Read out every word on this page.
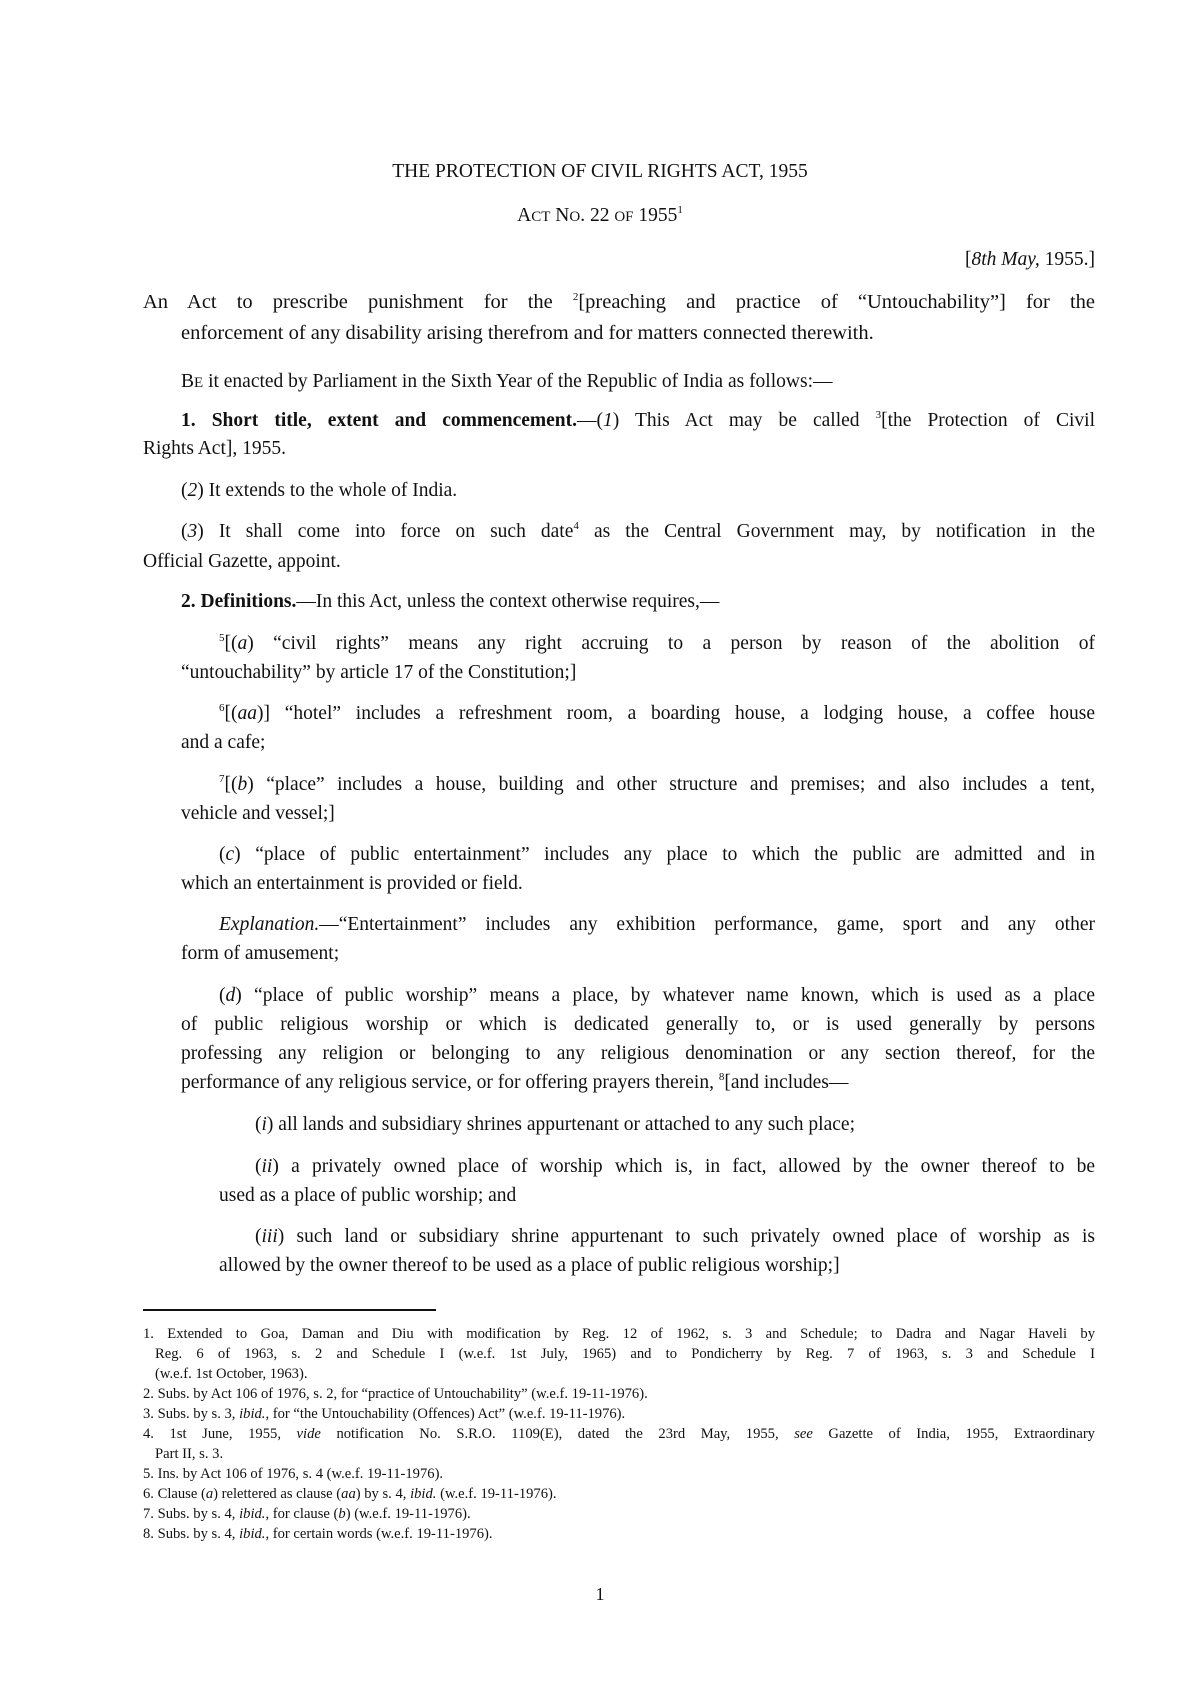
THE PROTECTION OF CIVIL RIGHTS ACT, 1955
ACT NO. 22 OF 1955$^1$
[8th May, 1955.]
An Act to prescribe punishment for the $^2$[preaching and practice of “Untouchability”] for the
enforcement of any disability arising therefrom and for matters connected therewith.
BE it enacted by Parliament in the Sixth Year of the Republic of India as follows:—
1. Short title, extent and commencement.—(1) This Act may be called $^3$[the Protection of Civil
Rights Act], 1955.
(2) It extends to the whole of India.
(3) It shall come into force on such date$^4$ as the Central Government may, by notification in the
Official Gazette, appoint.
2. Definitions.—In this Act, unless the context otherwise requires,—
$^5$[(a) “civil rights” means any right accruing to a person by reason of the abolition of
“untouchability” by article 17 of the Constitution;]
$^6$[(aa)] “hotel” includes a refreshment room, a boarding house, a lodging house, a coffee house
and a cafe;
$^7$[(b) “place” includes a house, building and other structure and premises; and also includes a tent,
vehicle and vessel;]
(c) “place of public entertainment” includes any place to which the public are admitted and in
which an entertainment is provided or field.
Explanation.—“Entertainment” includes any exhibition performance, game, sport and any other
form of amusement;
(d) “place of public worship” means a place, by whatever name known, which is used as a place
of public religious worship or which is dedicated generally to, or is used generally by persons
professing any religion or belonging to any religious denomination or any section thereof, for the
performance of any religious service, or for offering prayers therein, $^8$[and includes—
(i) all lands and subsidiary shrines appurtenant or attached to any such place;
(ii) a privately owned place of worship which is, in fact, allowed by the owner thereof to be
used as a place of public worship; and
(iii) such land or subsidiary shrine appurtenant to such privately owned place of worship as is
allowed by the owner thereof to be used as a place of public religious worship;]
1. Extended to Goa, Daman and Diu with modification by Reg. 12 of 1962, s. 3 and Schedule; to Dadra and Nagar Haveli by
Reg. 6 of 1963, s. 2 and Schedule I (w.e.f. 1st July, 1965) and to Pondicherry by Reg. 7 of 1963, s. 3 and Schedule I
(w.e.f. 1st October, 1963).
2. Subs. by Act 106 of 1976, s. 2, for “practice of Untouchability” (w.e.f. 19-11-1976).
3. Subs. by s. 3, ibid., for “the Untouchability (Offences) Act” (w.e.f. 19-11-1976).
4. 1st June, 1955, vide notification No. S.R.O. 1109(E), dated the 23rd May, 1955, see Gazette of India, 1955, Extraordinary
Part II, s. 3.
5. Ins. by Act 106 of 1976, s. 4 (w.e.f. 19-11-1976).
6. Clause (a) relettered as clause (aa) by s. 4, ibid. (w.e.f. 19-11-1976).
7. Subs. by s. 4, ibid., for clause (b) (w.e.f. 19-11-1976).
8. Subs. by s. 4, ibid., for certain words (w.e.f. 19-11-1976).
1
